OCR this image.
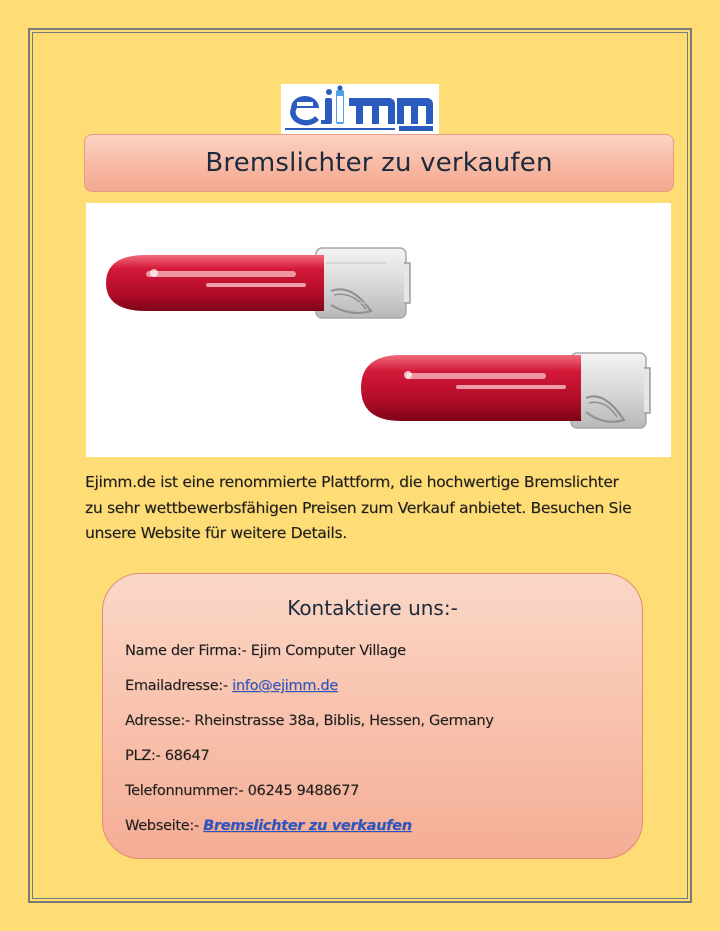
Bremslichter zu verkaufen
Ejimm.de ist eine renommierte Plattform, die hochwertige Bremslichter
zu sehr wettbewerbsfähigen Preisen zum Verkauf anbietet. Besuchen Sie
unsere Website für weitere Details.
Kontaktiere uns:-
Name der Firma:- Ejim Computer Village
Emailadresse:- info@ejimm.de
Adresse:- Rheinstrasse 38a, Biblis, Hessen, Germany
PLZ:- 68647
Telefonnummer:- 06245 9488677
Webseite:- Bremslichter zu verkaufen
